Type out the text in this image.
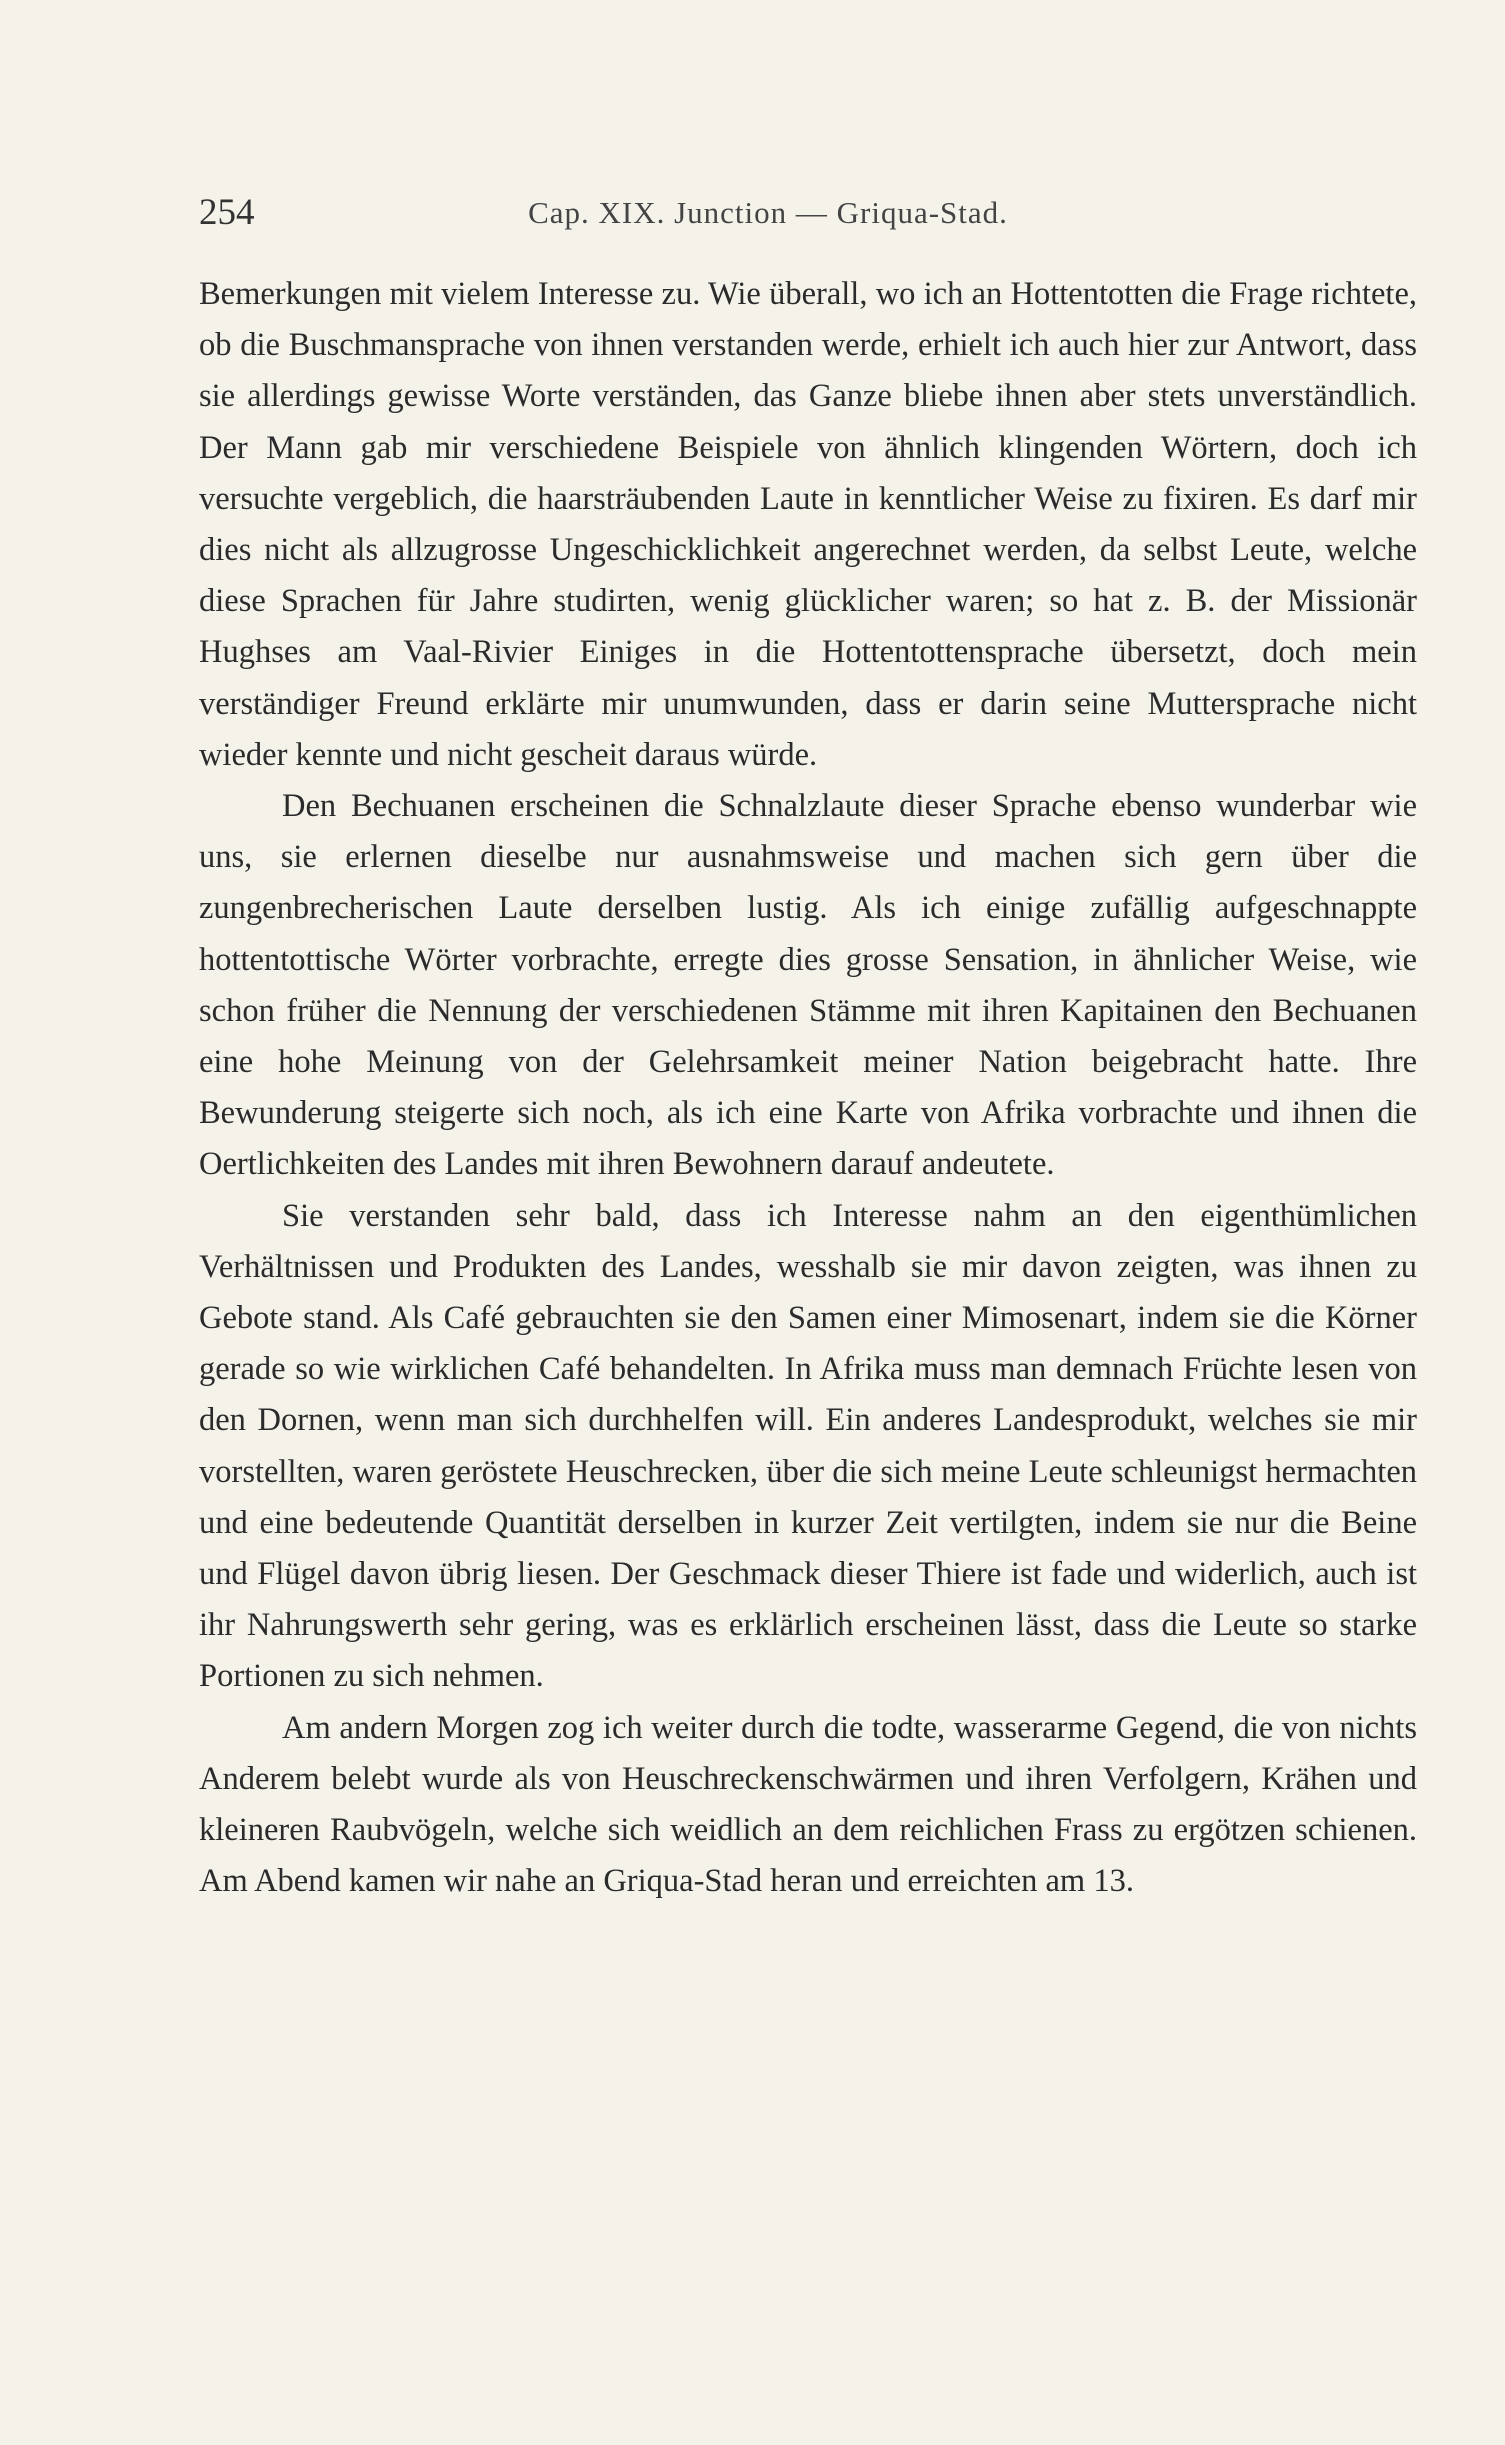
254	Cap. XIX. Junction — Griqua-Stad.

Bemerkungen mit vielem Interesse zu. Wie überall, wo ich an Hottentotten die Frage richtete, ob die Buschmansprache von ihnen verstanden werde, erhielt ich auch hier zur Antwort, dass sie allerdings gewisse Worte verständen, das Ganze bliebe ihnen aber stets unverständlich. Der Mann gab mir verschiedene Beispiele von ähnlich klingenden Wörtern, doch ich versuchte vergeblich, die haarsträubenden Laute in kenntlicher Weise zu fixiren. Es darf mir dies nicht als allzugrosse Ungeschicklichkeit angerechnet werden, da selbst Leute, welche diese Sprachen für Jahre studirten, wenig glücklicher waren; so hat z. B. der Missionär Hughses am Vaal-Rivier Einiges in die Hottentottensprache übersetzt, doch mein verständiger Freund erklärte mir unumwunden, dass er darin seine Muttersprache nicht wieder kennte und nicht gescheit daraus würde.

Den Bechuanen erscheinen die Schnalzlaute dieser Sprache ebenso wunderbar wie uns, sie erlernen dieselbe nur ausnahmsweise und machen sich gern über die zungenbrecherischen Laute derselben lustig. Als ich einige zufällig aufgeschnappte hottentottische Wörter vorbrachte, erregte dies grosse Sensation, in ähnlicher Weise, wie schon früher die Nennung der verschiedenen Stämme mit ihren Kapitainen den Bechuanen eine hohe Meinung von der Gelehrsamkeit meiner Nation beigebracht hatte. Ihre Bewunderung steigerte sich noch, als ich eine Karte von Afrika vorbrachte und ihnen die Oertlichkeiten des Landes mit ihren Bewohnern darauf andeutete.

Sie verstanden sehr bald, dass ich Interesse nahm an den eigenthümlichen Verhältnissen und Produkten des Landes, wesshalb sie mir davon zeigten, was ihnen zu Gebote stand. Als Café gebrauchten sie den Samen einer Mimosenart, indem sie die Körner gerade so wie wirklichen Café behandelten. In Afrika muss man demnach Früchte lesen von den Dornen, wenn man sich durchhelfen will. Ein anderes Landesprodukt, welches sie mir vorstellten, waren geröstete Heuschrecken, über die sich meine Leute schleunigst hermachten und eine bedeutende Quantität derselben in kurzer Zeit vertilgten, indem sie nur die Beine und Flügel davon übrig liesen. Der Geschmack dieser Thiere ist fade und widerlich, auch ist ihr Nahrungswerth sehr gering, was es erklärlich erscheinen lässt, dass die Leute so starke Portionen zu sich nehmen.

Am andern Morgen zog ich weiter durch die todte, wasserarme Gegend, die von nichts Anderem belebt wurde als von Heuschreckenschwärmen und ihren Verfolgern, Krähen und kleineren Raubvögeln, welche sich weidlich an dem reichlichen Frass zu ergötzen schienen. Am Abend kamen wir nahe an Griqua-Stad heran und erreichten am 13.
